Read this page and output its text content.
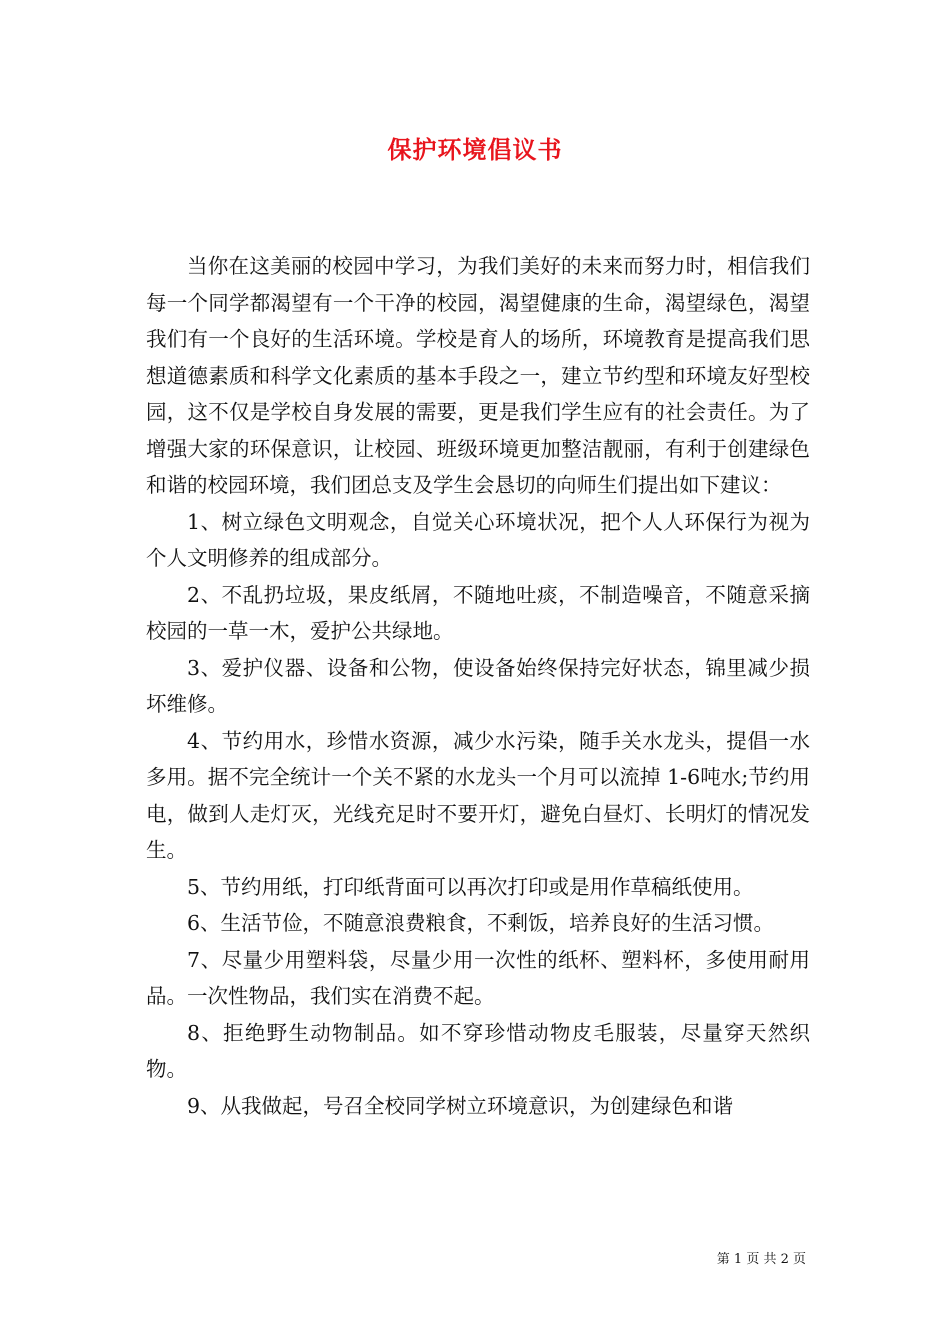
保护环境倡议书

当你在这美丽的校园中学习，为我们美好的未来而努力时，相信我们每一个同学都渴望有一个干净的校园，渴望健康的生命，渴望绿色，渴望我们有一个良好的生活环境。学校是育人的场所，环境教育是提高我们思想道德素质和科学文化素质的基本手段之一，建立节约型和环境友好型校园，这不仅是学校自身发展的需要，更是我们学生应有的社会责任。为了增强大家的环保意识，让校园、班级环境更加整洁靓丽，有利于创建绿色和谐的校园环境，我们团总支及学生会恳切的向师生们提出如下建议：

1、树立绿色文明观念，自觉关心环境状况，把个人人环保行为视为个人文明修养的组成部分。

2、不乱扔垃圾，果皮纸屑，不随地吐痰，不制造噪音，不随意采摘校园的一草一木，爱护公共绿地。

3、爱护仪器、设备和公物，使设备始终保持完好状态，锦里减少损坏维修。

4、节约用水，珍惜水资源，减少水污染，随手关水龙头，提倡一水多用。据不完全统计一个关不紧的水龙头一个月可以流掉 1-6吨水;节约用电，做到人走灯灭，光线充足时不要开灯，避免白昼灯、长明灯的情况发生。

5、节约用纸，打印纸背面可以再次打印或是用作草稿纸使用。

6、生活节俭，不随意浪费粮食，不剩饭，培养良好的生活习惯。

7、尽量少用塑料袋，尽量少用一次性的纸杯、塑料杯，多使用耐用品。一次性物品，我们实在消费不起。

8、拒绝野生动物制品。如不穿珍惜动物皮毛服装，尽量穿天然织物。

9、从我做起，号召全校同学树立环境意识，为创建绿色和谐

第 1 页 共 2 页
